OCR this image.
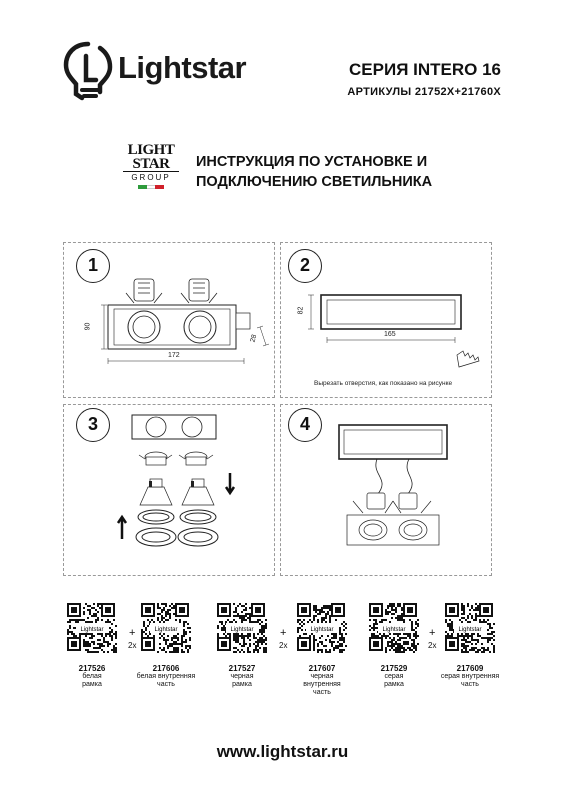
Lightstar	СЕРИЯ INTERO 16
АРТИКУЛЫ 21752X+21760X
LIGHT
STAR
GROUP
ИНСТРУКЦИЯ ПО УСТАНОВКЕ И
ПОДКЛЮЧЕНИЮ СВЕТИЛЬНИКА
1
90
172
28
2
82
165
Вырезать отверстия, как показано на рисунке
3	4
Lightstar
217526
белая
рамка
+
2x
Lightstar
217606
белая внутренняя
часть
Lightstar
217527
черная
рамка
+
2x
Lightstar
217607
черная внутренняя
часть
Lightstar
217529
серая
рамка
+
2x
Lightstar
217609
серая внутренняя
часть
www.lightstar.ru
